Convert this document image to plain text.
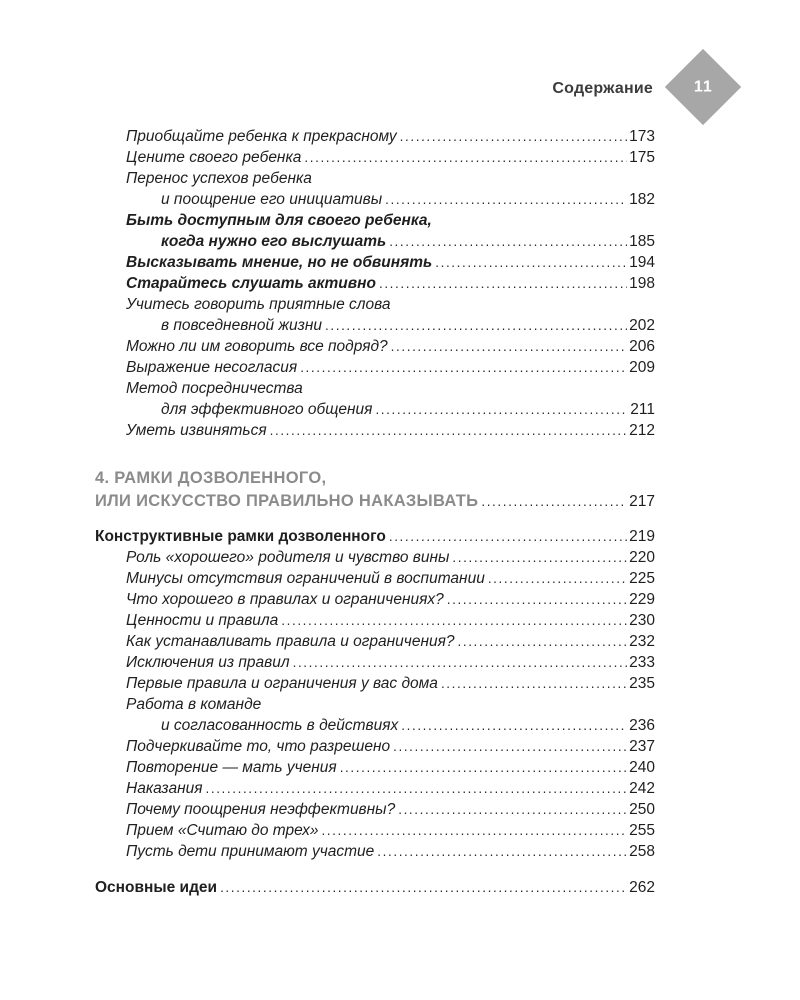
Содержание	11
Приобщайте ребенка к прекрасному .....	173
Цените своего ребенка .....	175
Перенос успехов ребенка
и поощрение его инициативы .....	182
Быть доступным для своего ребенка,
когда нужно его выслушать .....	185
Высказывать мнение, но не обвинять .....	194
Старайтесь слушать активно .....	198
Учитесь говорить приятные слова
в повседневной жизни .....	202
Можно ли им говорить все подряд? .....	206
Выражение несогласия .....	209
Метод посредничества
для эффективного общения .....	211
Уметь извиняться .....	212
4. РАМКИ ДОЗВОЛЕННОГО,
ИЛИ ИСКУССТВО ПРАВИЛЬНО НАКАЗЫВАТЬ .....	217
Конструктивные рамки дозволенного .....	219
Роль «хорошего» родителя и чувство вины .....	220
Минусы отсутствия ограничений в воспитании .....	225
Что хорошего в правилах и ограничениях? .....	229
Ценности и правила .....	230
Как устанавливать правила и ограничения? .....	232
Исключения из правил .....	233
Первые правила и ограничения у вас дома .....	235
Работа в команде
и согласованность в действиях .....	236
Подчеркивайте то, что разрешено .....	237
Повторение — мать учения .....	240
Наказания .....	242
Почему поощрения неэффективны? .....	250
Прием «Считаю до трех» .....	255
Пусть дети принимают участие .....	258
Основные идеи .....	262
